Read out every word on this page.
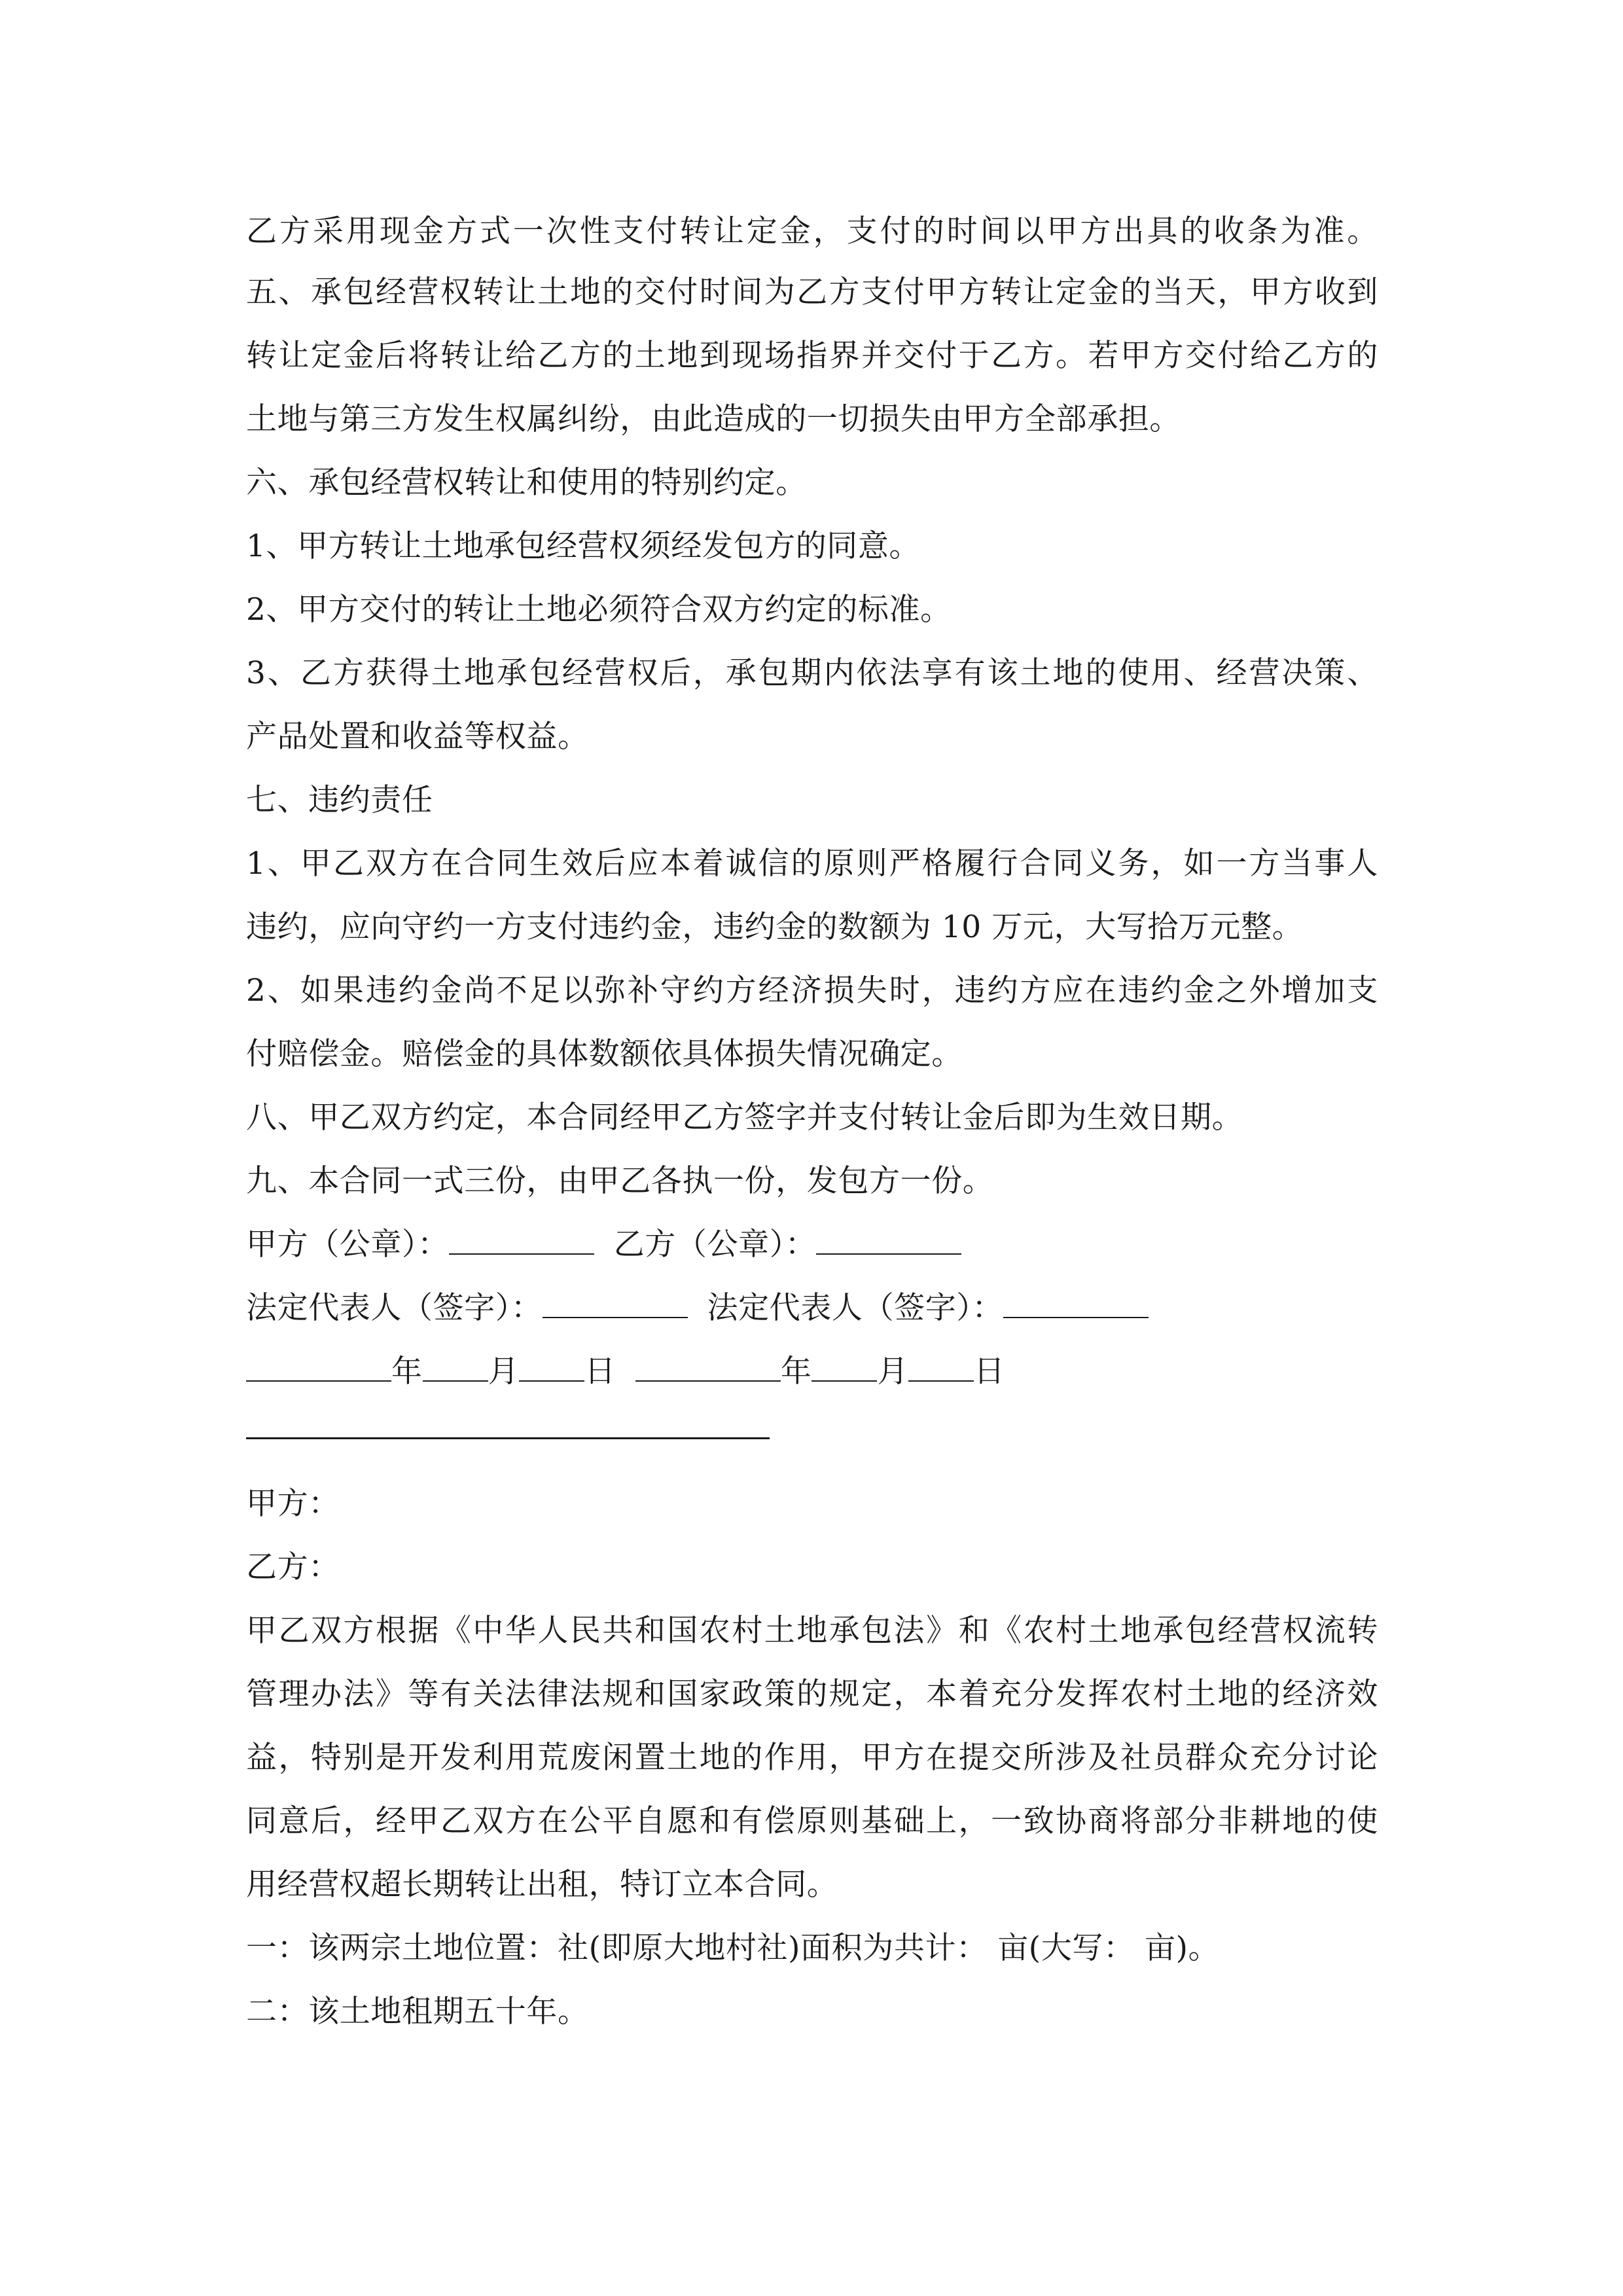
乙方采用现金方式一次性支付转让定金，支付的时间以甲方出具的收条为准。
五、承包经营权转让土地的交付时间为乙方支付甲方转让定金的当天，甲方收到
转让定金后将转让给乙方的土地到现场指界并交付于乙方。若甲方交付给乙方的
土地与第三方发生权属纠纷，由此造成的一切损失由甲方全部承担。
六、承包经营权转让和使用的特别约定。
1、甲方转让土地承包经营权须经发包方的同意。
2、甲方交付的转让土地必须符合双方约定的标准。
3、乙方获得土地承包经营权后，承包期内依法享有该土地的使用、经营决策、
产品处置和收益等权益。
七、违约责任
1、甲乙双方在合同生效后应本着诚信的原则严格履行合同义务，如一方当事人
违约，应向守约一方支付违约金，违约金的数额为 10 万元，大写拾万元整。
2、如果违约金尚不足以弥补守约方经济损失时，违约方应在违约金之外增加支
付赔偿金。赔偿金的具体数额依具体损失情况确定。
八、甲乙双方约定，本合同经甲乙方签字并支付转让金后即为生效日期。
九、本合同一式三份，由甲乙各执一份，发包方一份。
甲方（公章）：	乙方（公章）：
法定代表人（签字）：	法定代表人（签字）：
年 月 日	年 月 日
甲方：
乙方：
甲乙双方根据《中华人民共和国农村土地承包法》和《农村土地承包经营权流转
管理办法》等有关法律法规和国家政策的规定，本着充分发挥农村土地的经济效
益，特别是开发利用荒废闲置土地的作用，甲方在提交所涉及社员群众充分讨论
同意后，经甲乙双方在公平自愿和有偿原则基础上，一致协商将部分非耕地的使
用经营权超长期转让出租，特订立本合同。
一：该两宗土地位置：社(即原大地村社)面积为共计： 亩(大写： 亩)。
二：该土地租期五十年。
